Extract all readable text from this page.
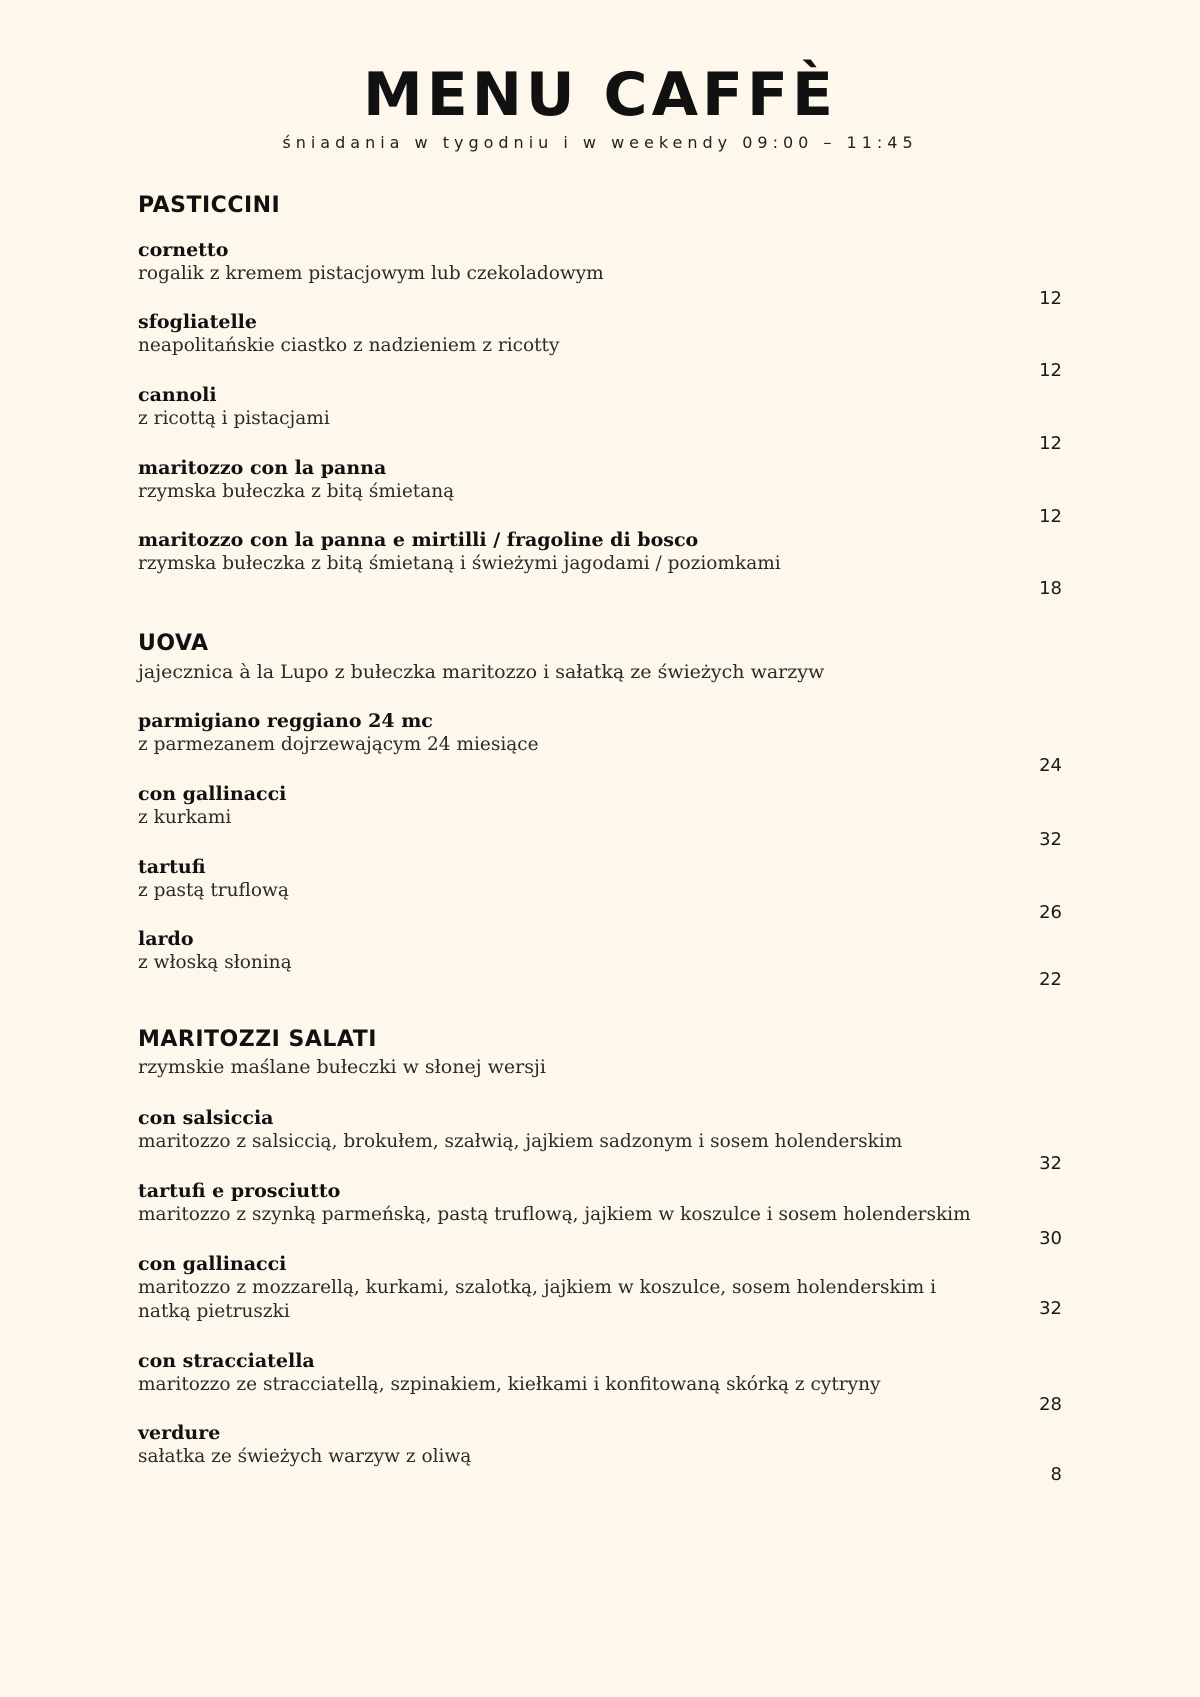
MENU CAFFÈ
śniadania w tygodniu i w weekendy 09:00 – 11:45
PASTICCINI
cornetto
rogalik z kremem pistacjowym lub czekoladowym
12
sfogliatelle
neapolitańskie ciastko z nadzieniem z ricotty
12
cannoli
z ricottą i pistacjami
12
maritozzo con la panna
rzymska bułeczka z bitą śmietaną
12
maritozzo con la panna e mirtilli / fragoline di bosco
rzymska bułeczka z bitą śmietaną i świeżymi jagodami / poziomkami
18
UOVA
jajecznica à la Lupo z bułeczka maritozzo i sałatką ze świeżych warzyw
parmigiano reggiano 24 mc
z parmezanem dojrzewającym 24 miesiące
24
con gallinacci
z kurkami
32
tartufi
z pastą truflową
26
lardo
z włoską słoniną
22
MARITOZZI SALATI
rzymskie maślane bułeczki w słonej wersji
con salsiccia
maritozzo z salsiccią, brokułem, szałwią, jajkiem sadzonym i sosem holenderskim
32
tartufi e prosciutto
maritozzo z szynką parmeńską, pastą truflową, jajkiem w koszulce i sosem holenderskim
30
con gallinacci
maritozzo z mozzarellą, kurkami, szalotką, jajkiem w koszulce, sosem holenderskim i natką pietruszki	32
con stracciatella
maritozzo ze stracciatellą, szpinakiem, kiełkami i konfitowaną skórką z cytryny
28
verdure
sałatka ze świeżych warzyw z oliwą
8
